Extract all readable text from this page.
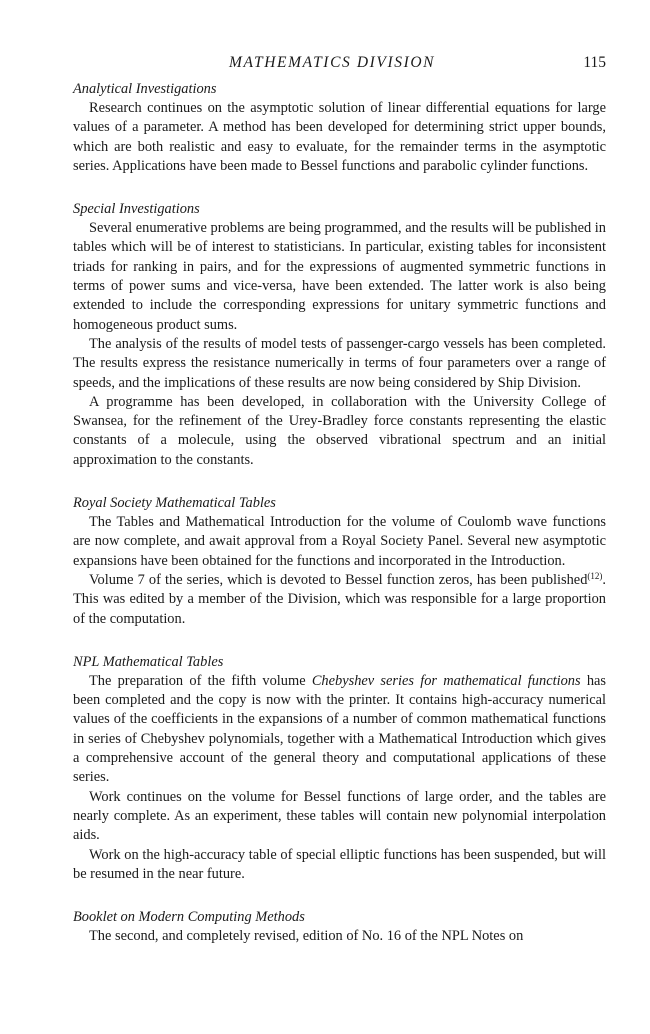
MATHEMATICS DIVISION	115
Analytical Investigations

Research continues on the asymptotic solution of linear differential equations for large values of a parameter. A method has been developed for determining strict upper bounds, which are both realistic and easy to evaluate, for the remainder terms in the asymptotic series. Applications have been made to Bessel functions and parabolic cylinder functions.

Special Investigations

Several enumerative problems are being programmed, and the results will be published in tables which will be of interest to statisticians. In particular, existing tables for inconsistent triads for ranking in pairs, and for the expressions of augmented symmetric functions in terms of power sums and vice-versa, have been extended. The latter work is also being extended to include the corresponding expressions for unitary symmetric functions and homogeneous product sums.

The analysis of the results of model tests of passenger-cargo vessels has been completed. The results express the resistance numerically in terms of four parameters over a range of speeds, and the implications of these results are now being considered by Ship Division.

A programme has been developed, in collaboration with the University College of Swansea, for the refinement of the Urey-Bradley force constants representing the elastic constants of a molecule, using the observed vibrational spectrum and an initial approximation to the constants.

Royal Society Mathematical Tables

The Tables and Mathematical Introduction for the volume of Coulomb wave functions are now complete, and await approval from a Royal Society Panel. Several new asymptotic expansions have been obtained for the functions and incorporated in the Introduction.

Volume 7 of the series, which is devoted to Bessel function zeros, has been published$^{(12)}$. This was edited by a member of the Division, which was responsible for a large proportion of the computation.

NPL Mathematical Tables

The preparation of the fifth volume Chebyshev series for mathematical functions has been completed and the copy is now with the printer. It contains high-accuracy numerical values of the coefficients in the expansions of a number of common mathematical functions in series of Chebyshev polynomials, together with a Mathematical Introduction which gives a comprehensive account of the general theory and computational applications of these series.

Work continues on the volume for Bessel functions of large order, and the tables are nearly complete. As an experiment, these tables will contain new polynomial interpolation aids.

Work on the high-accuracy table of special elliptic functions has been suspended, but will be resumed in the near future.

Booklet on Modern Computing Methods

The second, and completely revised, edition of No. 16 of the NPL Notes on
